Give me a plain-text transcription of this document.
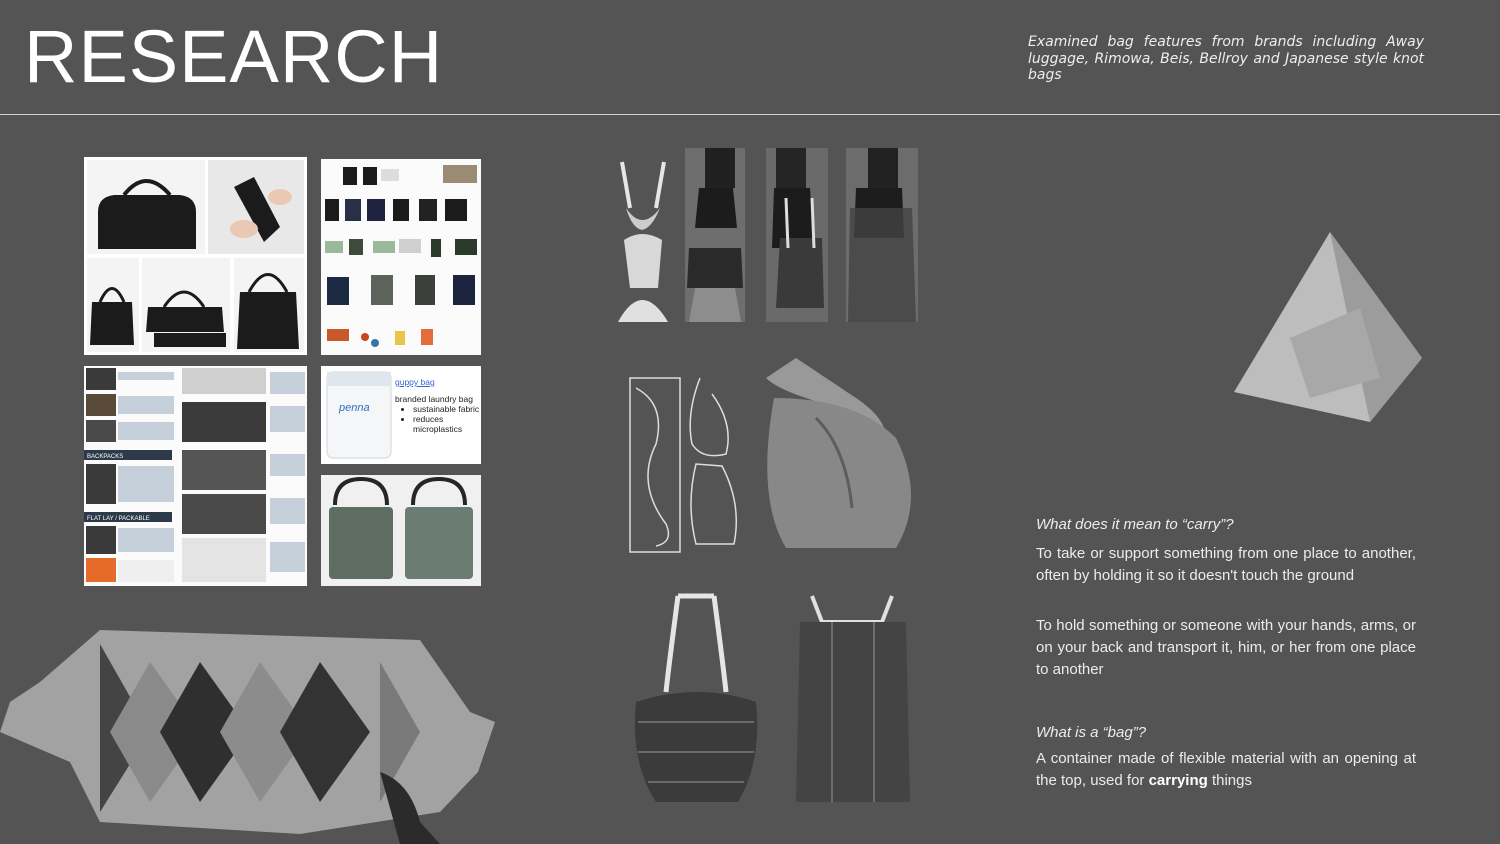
RESEARCH	Examined bag features from brands including Away luggage, Rimowa, Beis, Bellroy and Japanese style knot bags
BACKPACKS
FLAT LAY / PACKABLE
penna
guppy bag
branded laundry bag
• sustainable fabric
• reduces microplastics
What does it mean to “carry”?
To take or support something from one place to another, often by holding it so it doesn't touch the ground
To hold something or someone with your hands, arms, or on your back and transport it, him, or her from one place to another
What is a “bag”?
A container made of flexible material with an opening at the top, used for carrying things
